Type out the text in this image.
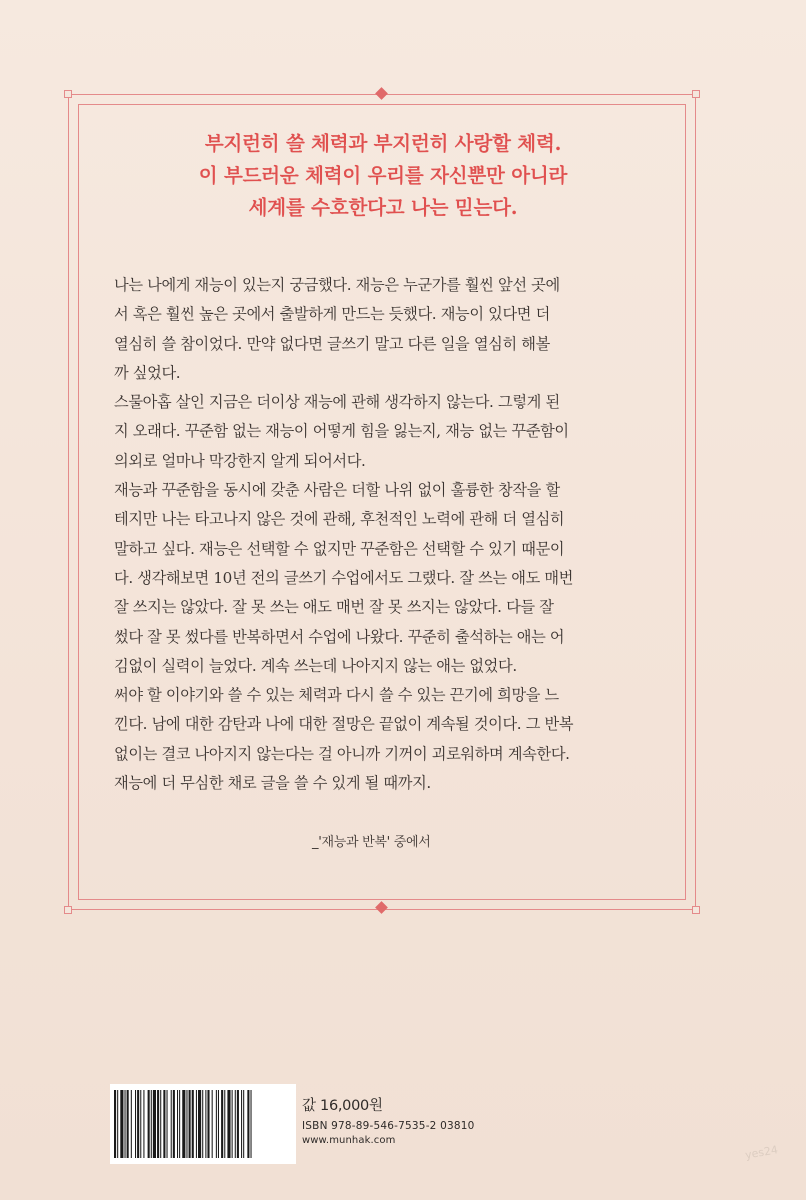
부지런히 쓸 체력과 부지런히 사랑할 체력.
이 부드러운 체력이 우리를 자신뿐만 아니라
세계를 수호한다고 나는 믿는다.
나는 나에게 재능이 있는지 궁금했다. 재능은 누군가를 훨씬 앞선 곳에
서 혹은 훨씬 높은 곳에서 출발하게 만드는 듯했다. 재능이 있다면 더
열심히 쓸 참이었다. 만약 없다면 글쓰기 말고 다른 일을 열심히 해볼
까 싶었다.
스물아홉 살인 지금은 더이상 재능에 관해 생각하지 않는다. 그렇게 된
지 오래다. 꾸준함 없는 재능이 어떻게 힘을 잃는지, 재능 없는 꾸준함이
의외로 얼마나 막강한지 알게 되어서다.
재능과 꾸준함을 동시에 갖춘 사람은 더할 나위 없이 훌륭한 창작을 할
테지만 나는 타고나지 않은 것에 관해, 후천적인 노력에 관해 더 열심히
말하고 싶다. 재능은 선택할 수 없지만 꾸준함은 선택할 수 있기 때문이
다. 생각해보면 10년 전의 글쓰기 수업에서도 그랬다. 잘 쓰는 애도 매번
잘 쓰지는 않았다. 잘 못 쓰는 애도 매번 잘 못 쓰지는 않았다. 다들 잘
썼다 잘 못 썼다를 반복하면서 수업에 나왔다. 꾸준히 출석하는 애는 어
김없이 실력이 늘었다. 계속 쓰는데 나아지지 않는 애는 없었다.
써야 할 이야기와 쓸 수 있는 체력과 다시 쓸 수 있는 끈기에 희망을 느
낀다. 남에 대한 감탄과 나에 대한 절망은 끝없이 계속될 것이다. 그 반복
없이는 결코 나아지지 않는다는 걸 아니까 기꺼이 괴로워하며 계속한다.
재능에 더 무심한 채로 글을 쓸 수 있게 될 때까지.
_'재능과 반복' 중에서
값 16,000원
ISBN 978-89-546-7535-2 03810
www.munhak.com
yes24
